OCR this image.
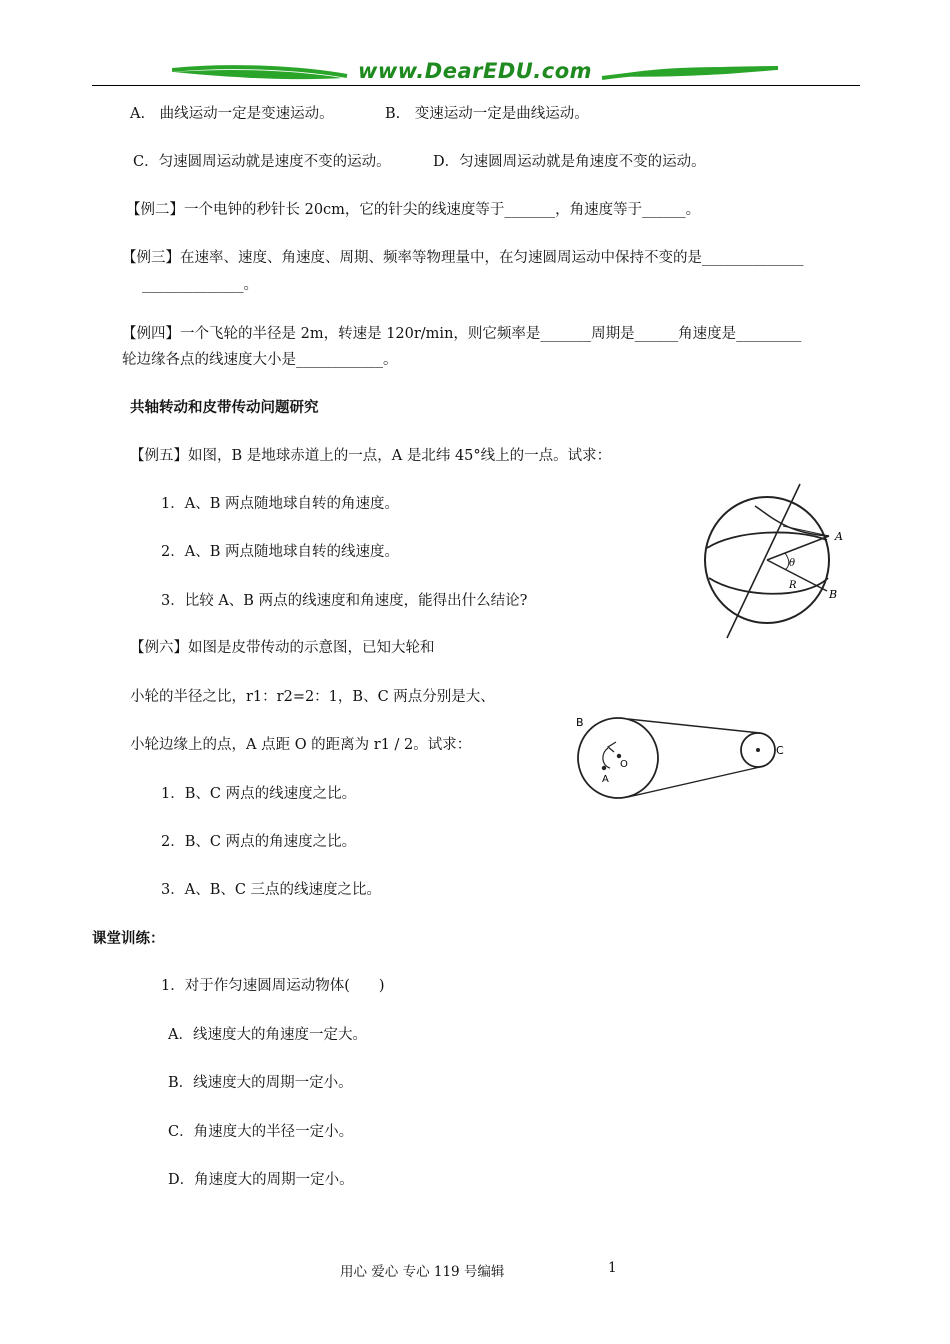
www.DearEDU.com
A.　曲线运动一定是变速运动。	B.　变速运动一定是曲线运动。
C．匀速圆周运动就是速度不变的运动。	D．匀速圆周运动就是角速度不变的运动。
【例二】一个电钟的秒针长 20cm，它的针尖的线速度等于_______，角速度等于______。
【例三】在速率、速度、角速度、周期、频率等物理量中，在匀速圆周运动中保持不变的是______________
______________。
【例四】一个飞轮的半径是 2m，转速是 120r/min，则它频率是_______周期是______角速度是_________
轮边缘各点的线速度大小是____________。
共轴转动和皮带传动问题研究
【例五】如图，B 是地球赤道上的一点，A 是北纬 45°线上的一点。试求：
1．A、B 两点随地球自转的角速度。
2．A、B 两点随地球自转的线速度。
3．比较 A、B 两点的线速度和角速度，能得出什么结论?
A
B
θ
R
【例六】如图是皮带传动的示意图，已知大轮和
小轮的半径之比，r1：r2=2：1，B、C 两点分别是大、
小轮边缘上的点，A 点距 O 的距离为 r1 / 2。试求：
B
O
A
C
1．B、C 两点的线速度之比。
2．B、C 两点的角速度之比。
3．A、B、C 三点的线速度之比。
课堂训练：
1．对于作匀速圆周运动物体(　　)
A．线速度大的角速度一定大。
B．线速度大的周期一定小。
C．角速度大的半径一定小。
D．角速度大的周期一定小。
用心 爱心 专心 119 号编辑	1
